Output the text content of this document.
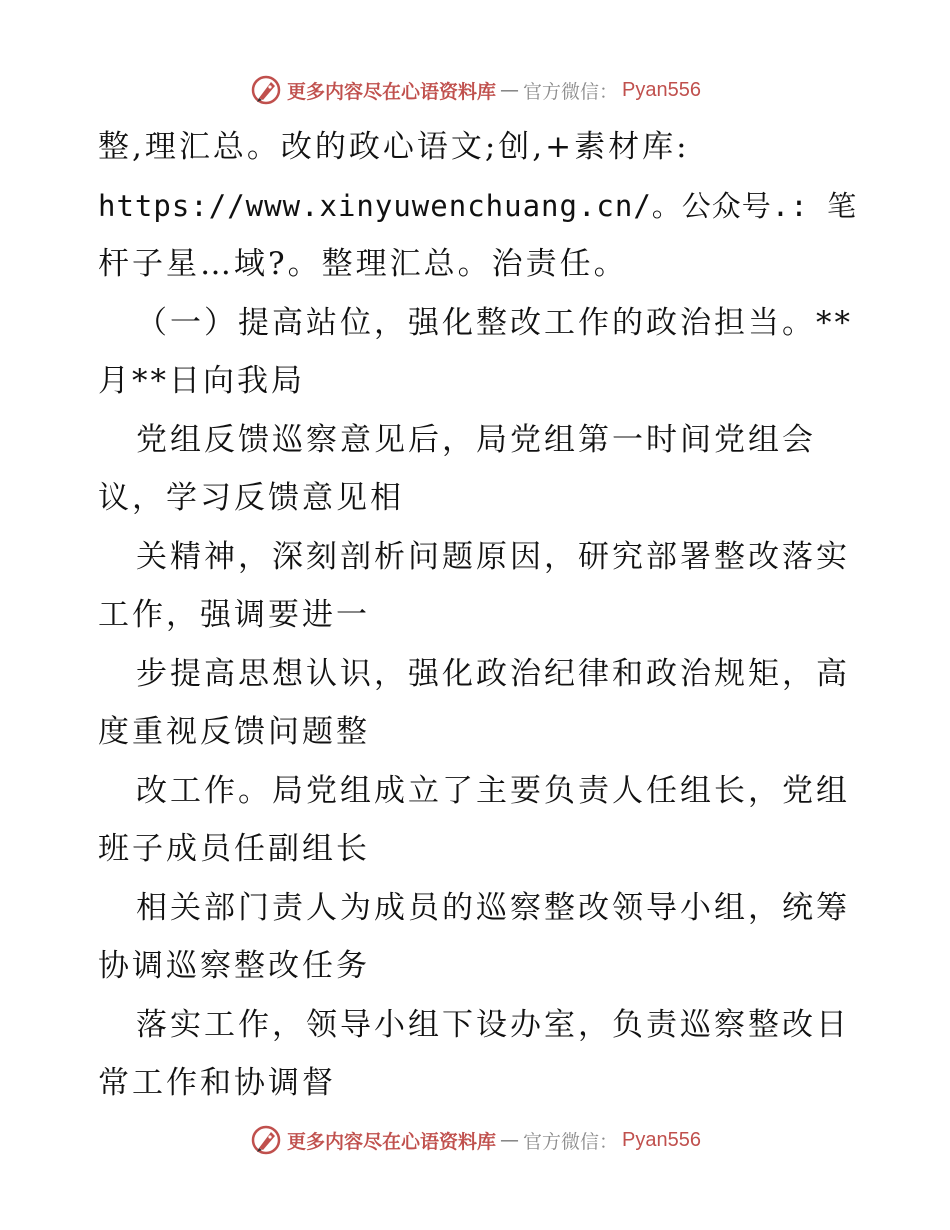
更多内容尽在心语资料库 — 官方微信： Pyan556
整,理汇总。改的政心语文;创,+素材库:
https://www.xinyuwenchuang.cn/。公众号.: 笔
杆子星…域?。整理汇总。治责任。
（一）提高站位，强化整改工作的政治担当。**
月**日向我局
党组反馈巡察意见后，局党组第一时间党组会
议，学习反馈意见相
关精神，深刻剖析问题原因，研究部署整改落实
工作，强调要进一
步提高思想认识，强化政治纪律和政治规矩，高
度重视反馈问题整
改工作。局党组成立了主要负责人任组长，党组
班子成员任副组长
相关部门责人为成员的巡察整改领导小组，统筹
协调巡察整改任务
落实工作，领导小组下设办室，负责巡察整改日
常工作和协调督
更多内容尽在心语资料库 — 官方微信： Pyan556
